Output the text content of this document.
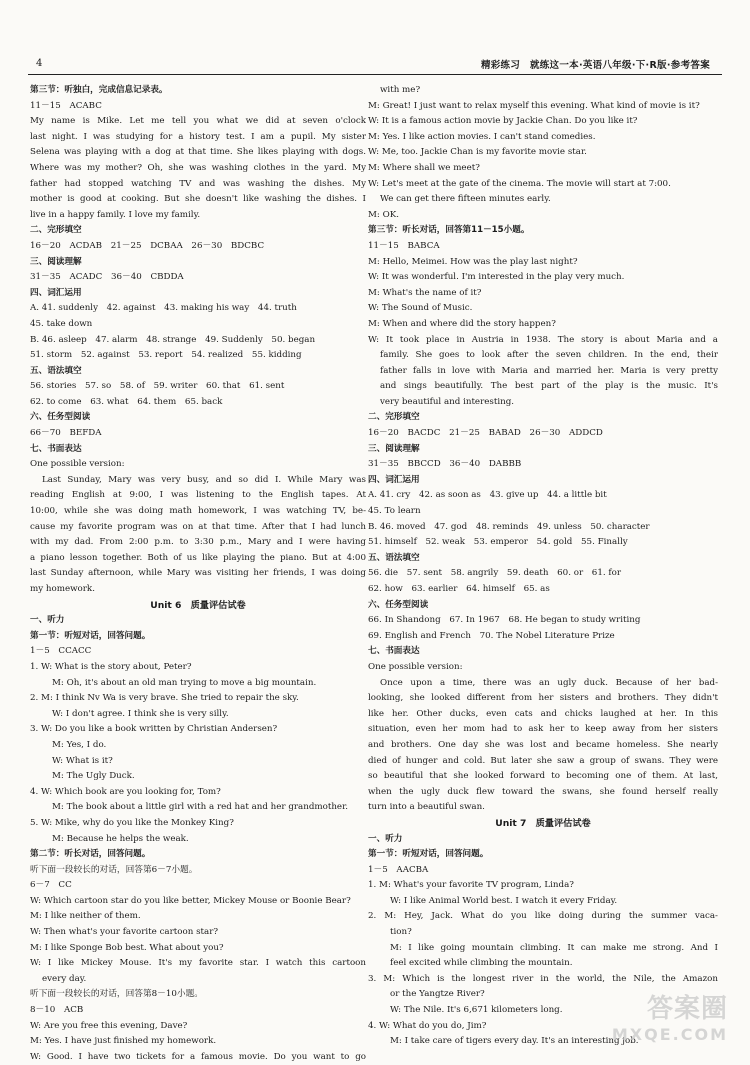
4	精彩练习　就练这一本·英语八年级·下·R版·参考答案
第三节：听独白，完成信息记录表。
11－15　ACABC
My name is Mike. Let me tell you what we did at seven o'clock
last night. I was studying for a history test. I am a pupil. My sister
Selena was playing with a dog at that time. She likes playing with dogs.
Where was my mother? Oh, she was washing clothes in the yard. My
father had stopped watching TV and was washing the dishes. My
mother is good at cooking. But she doesn't like washing the dishes. I
live in a happy family. I love my family.
二、完形填空
16－20　ACDAB　21－25　DCBAA　26－30　BDCBC
三、阅读理解
31－35　ACADC　36－40　CBDDA
四、词汇运用
A. 41. suddenly　42. against　43. making his way　44. truth
45. take down
B. 46. asleep　47. alarm　48. strange　49. Suddenly　50. began
51. storm　52. against　53. report　54. realized　55. kidding
五、语法填空
56. stories　57. so　58. of　59. writer　60. that　61. sent
62. to come　63. what　64. them　65. back
六、任务型阅读
66－70　BEFDA
七、书面表达
One possible version:
Last Sunday, Mary was very busy, and so did I. While Mary was
reading English at 9:00, I was listening to the English tapes. At
10:00, while she was doing math homework, I was watching TV, be-
cause my favorite program was on at that time. After that I had lunch
with my dad. From 2:00 p.m. to 3:30 p.m., Mary and I were having
a piano lesson together. Both of us like playing the piano. But at 4:00
last Sunday afternoon, while Mary was visiting her friends, I was doing
my homework.
Unit 6　质量评估试卷
一、听力
第一节：听短对话，回答问题。
1－5　CCACC
1. W: What is the story about, Peter?
M: Oh, it's about an old man trying to move a big mountain.
2. M: I think Nv Wa is very brave. She tried to repair the sky.
W: I don't agree. I think she is very silly.
3. W: Do you like a book written by Christian Andersen?
M: Yes, I do.
W: What is it?
M: The Ugly Duck.
4. W: Which book are you looking for, Tom?
M: The book about a little girl with a red hat and her grandmother.
5. W: Mike, why do you like the Monkey King?
M: Because he helps the weak.
第二节：听长对话，回答问题。
听下面一段较长的对话，回答第6－7小题。
6－7　CC
W: Which cartoon star do you like better, Mickey Mouse or Boonie Bear?
M: I like neither of them.
W: Then what's your favorite cartoon star?
M: I like Sponge Bob best. What about you?
W: I like Mickey Mouse. It's my favorite star. I watch this cartoon
every day.
听下面一段较长的对话，回答第8－10小题。
8－10　ACB
W: Are you free this evening, Dave?
M: Yes. I have just finished my homework.
W: Good. I have two tickets for a famous movie. Do you want to go
with me?
M: Great! I just want to relax myself this evening. What kind of movie is it?
W: It is a famous action movie by Jackie Chan. Do you like it?
M: Yes. I like action movies. I can't stand comedies.
W: Me, too. Jackie Chan is my favorite movie star.
M: Where shall we meet?
W: Let's meet at the gate of the cinema. The movie will start at 7:00.
We can get there fifteen minutes early.
M: OK.
第三节：听长对话，回答第11－15小题。
11－15　BABCA
M: Hello, Meimei. How was the play last night?
W: It was wonderful. I'm interested in the play very much.
M: What's the name of it?
W: The Sound of Music.
M: When and where did the story happen?
W: It took place in Austria in 1938. The story is about Maria and a
family. She goes to look after the seven children. In the end, their
father falls in love with Maria and married her. Maria is very pretty
and sings beautifully. The best part of the play is the music. It's
very beautiful and interesting.
二、完形填空
16－20　BACDC　21－25　BABAD　26－30　ADDCD
三、阅读理解
31－35　BBCCD　36－40　DABBB
四、词汇运用
A. 41. cry　42. as soon as　43. give up　44. a little bit
45. To learn
B. 46. moved　47. god　48. reminds　49. unless　50. character
51. himself　52. weak　53. emperor　54. gold　55. Finally
五、语法填空
56. die　57. sent　58. angrily　59. death　60. or　61. for
62. how　63. earlier　64. himself　65. as
六、任务型阅读
66. In Shandong　67. In 1967　68. He began to study writing
69. English and French　70. The Nobel Literature Prize
七、书面表达
One possible version:
Once upon a time, there was an ugly duck. Because of her bad-
looking, she looked different from her sisters and brothers. They didn't
like her. Other ducks, even cats and chicks laughed at her. In this
situation, even her mom had to ask her to keep away from her sisters
and brothers. One day she was lost and became homeless. She nearly
died of hunger and cold. But later she saw a group of swans. They were
so beautiful that she looked forward to becoming one of them. At last,
when the ugly duck flew toward the swans, she found herself really
turn into a beautiful swan.
Unit 7　质量评估试卷
一、听力
第一节：听短对话，回答问题。
1－5　AACBA
1. M: What's your favorite TV program, Linda?
W: I like Animal World best. I watch it every Friday.
2. M: Hey, Jack. What do you like doing during the summer vaca-
tion?
M: I like going mountain climbing. It can make me strong. And I
feel excited while climbing the mountain.
3. M: Which is the longest river in the world, the Nile, the Amazon
or the Yangtze River?
W: The Nile. It's 6,671 kilometers long.
4. W: What do you do, Jim?
M: I take care of tigers every day. It's an interesting job.
答案圈
MXQE.COM
